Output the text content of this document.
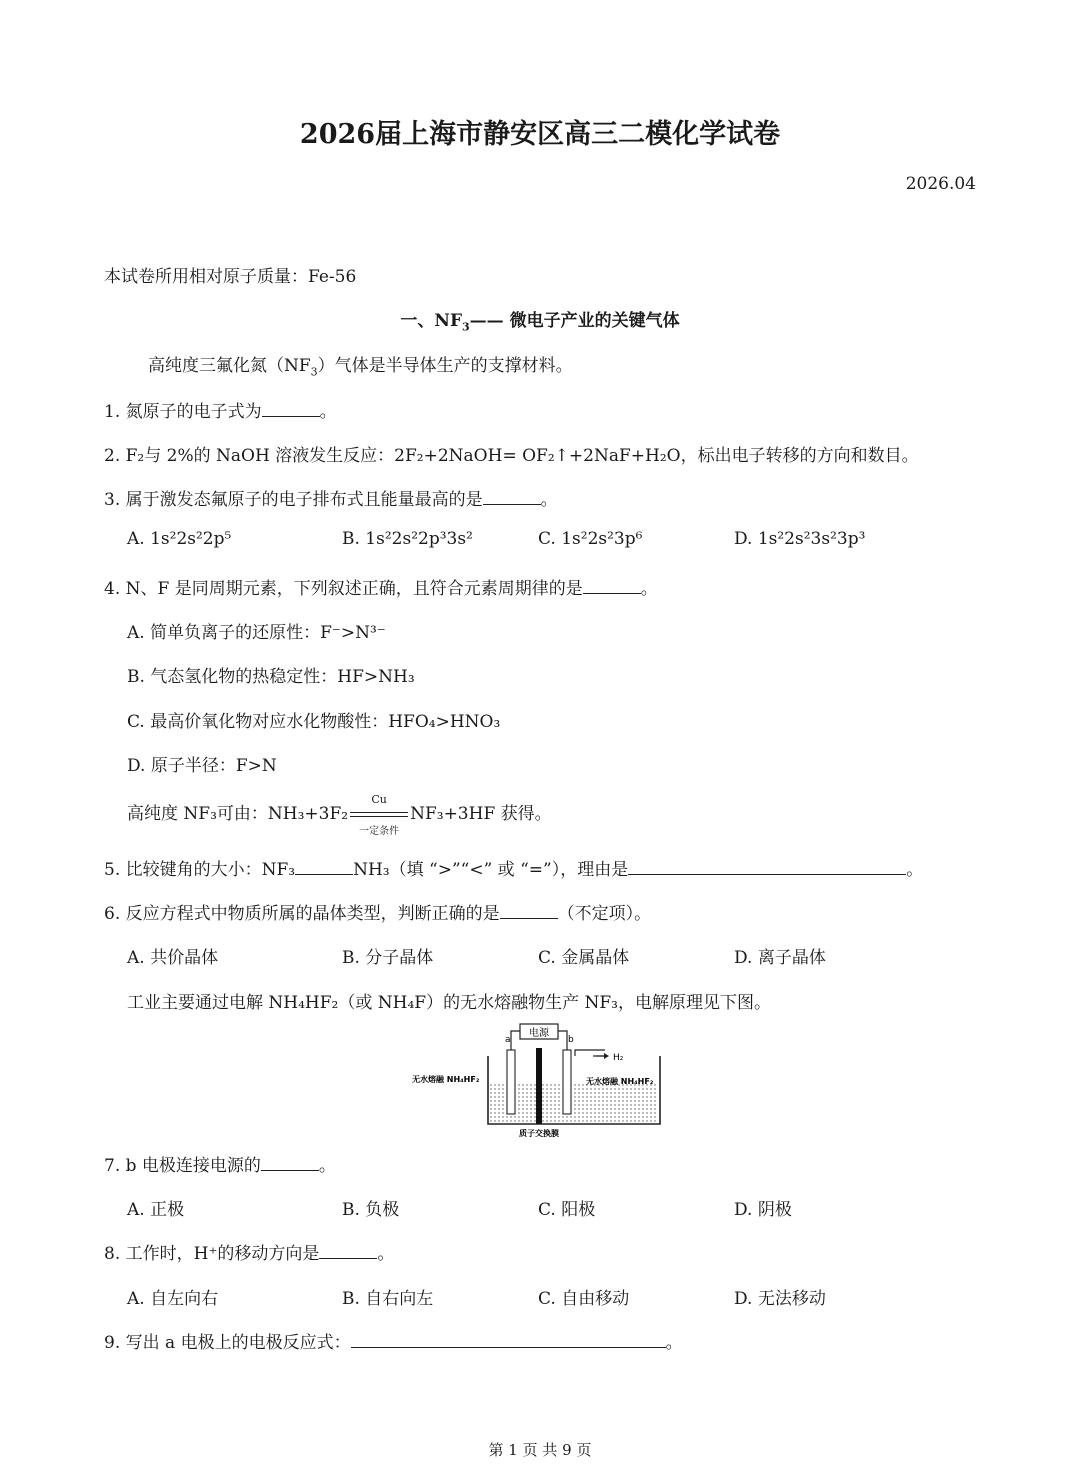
2026届上海市静安区高三二模化学试卷
2026.04
本试卷所用相对原子质量：Fe-56
一、$NF_3——$ 微电子产业的关键气体
高纯度三氟化氮$(NF_3)$气体是半导体生产的支撑材料。
1. 氮原子的电子式为	。
2. F₂与 2%的 NaOH 溶液发生反应：2F₂+2NaOH= OF₂↑+2NaF+H₂O，标出电子转移的方向和数目。
3. 属于激发态氟原子的电子排布式且能量最高的是	。
A. 1s²2s²2p⁵	B. 1s²2s²2p³3s²	C. 1s²2s²3p⁶	D. 1s²2s²3s²3p³
4. N、F 是同周期元素，下列叙述正确，且符合元素周期律的是	。
A. 简单负离子的还原性：F⁻>N³⁻
B. 气态氢化物的热稳定性：HF>NH₃
C. 最高价氧化物对应水化物酸性：HFO₄>HNO₃
D. 原子半径：F>N
高纯度 NF₃可由：NH₃+3F₂
Cu
一定条件
NF₃+3HF 获得。
5. 比较键角的大小：NF₃	NH₃（填 “>”“<” 或 “=”），理由是	。
6. 反应方程式中物质所属的晶体类型，判断正确的是	（不定项）。
A. 共价晶体	B. 分子晶体	C. 金属晶体	D. 离子晶体
工业主要通过电解 NH₄HF₂（或 NH₄F）的无水熔融物生产 NF₃，电解原理见下图。
电源
a	b
H₂
无水熔融 NH₄HF₂	无水熔融 NH₄HF₂
质子交换膜
7. b 电极连接电源的	。
A. 正极	B. 负极	C. 阳极	D. 阴极
8. 工作时，H⁺的移动方向是	。
A. 自左向右	B. 自右向左	C. 自由移动	D. 无法移动
9. 写出 a 电极上的电极反应式：	。
第 1 页 共 9 页
